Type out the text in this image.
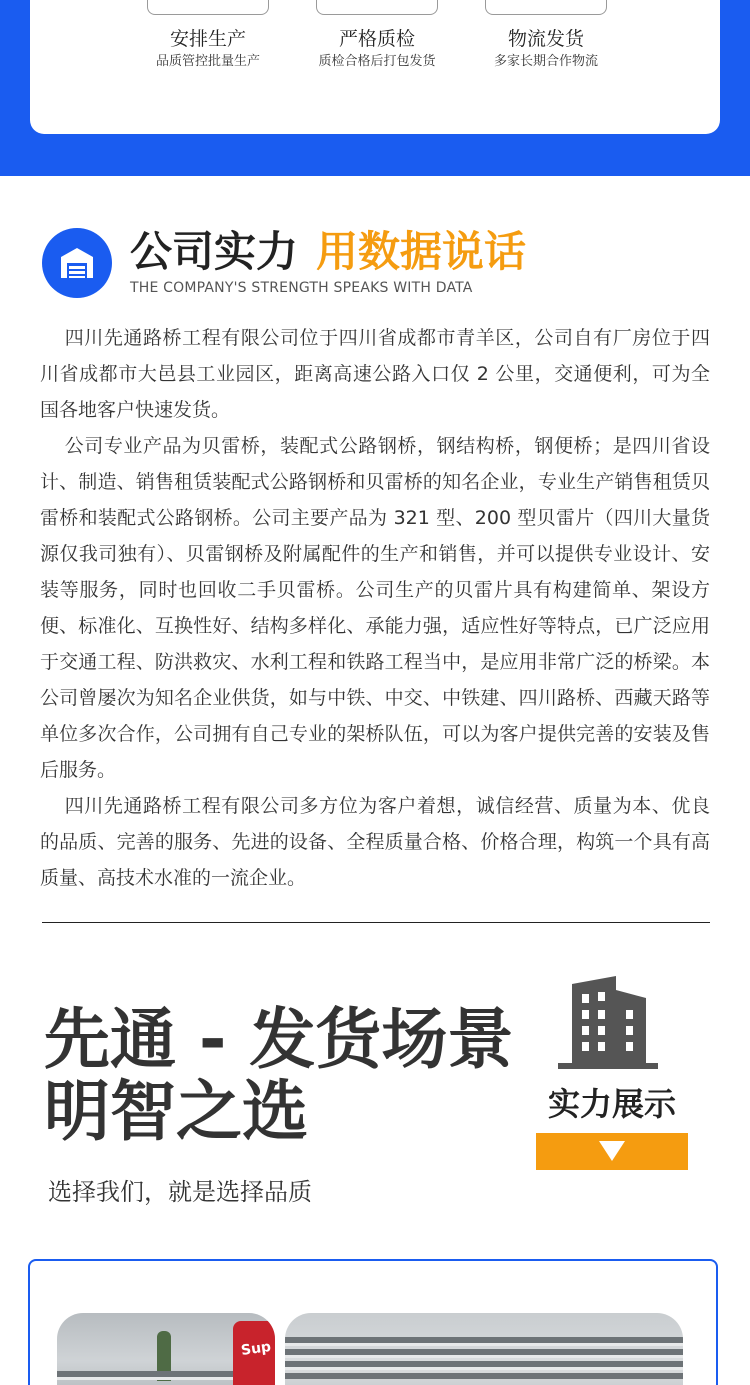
安排生产
品质管控批量生产
严格质检
质检合格后打包发货
物流发货
多家长期合作物流
公司实力 用数据说话
THE COMPANY'S STRENGTH SPEAKS WITH DATA

四川先通路桥工程有限公司位于四川省成都市青羊区，公司自有厂房位于四川省成都市大邑县工业园区，距离高速公路入口仅 2 公里，交通便利，可为全国各地客户快速发货。

公司专业产品为贝雷桥，装配式公路钢桥，钢结构桥，钢便桥；是四川省设计、制造、销售租赁装配式公路钢桥和贝雷桥的知名企业，专业生产销售租赁贝雷桥和装配式公路钢桥。公司主要产品为 321 型、200 型贝雷片（四川大量货源仅我司独有）、贝雷钢桥及附属配件的生产和销售，并可以提供专业设计、安装等服务，同时也回收二手贝雷桥。公司生产的贝雷片具有构建简单、架设方便、标准化、互换性好、结构多样化、承能力强，适应性好等特点，已广泛应用于交通工程、防洪救灾、水利工程和铁路工程当中，是应用非常广泛的桥梁。本公司曾屡次为知名企业供货，如与中铁、中交、中铁建、四川路桥、西藏天路等单位多次合作，公司拥有自己专业的架桥队伍，可以为客户提供完善的安装及售后服务。

四川先通路桥工程有限公司多方位为客户着想，诚信经营、质量为本、优良的品质、完善的服务、先进的设备、全程质量合格、价格合理，构筑一个具有高质量、高技术水准的一流企业。

先通 - 发货场景
明智之选
选择我们，就是选择品质
实力展示
Sup
